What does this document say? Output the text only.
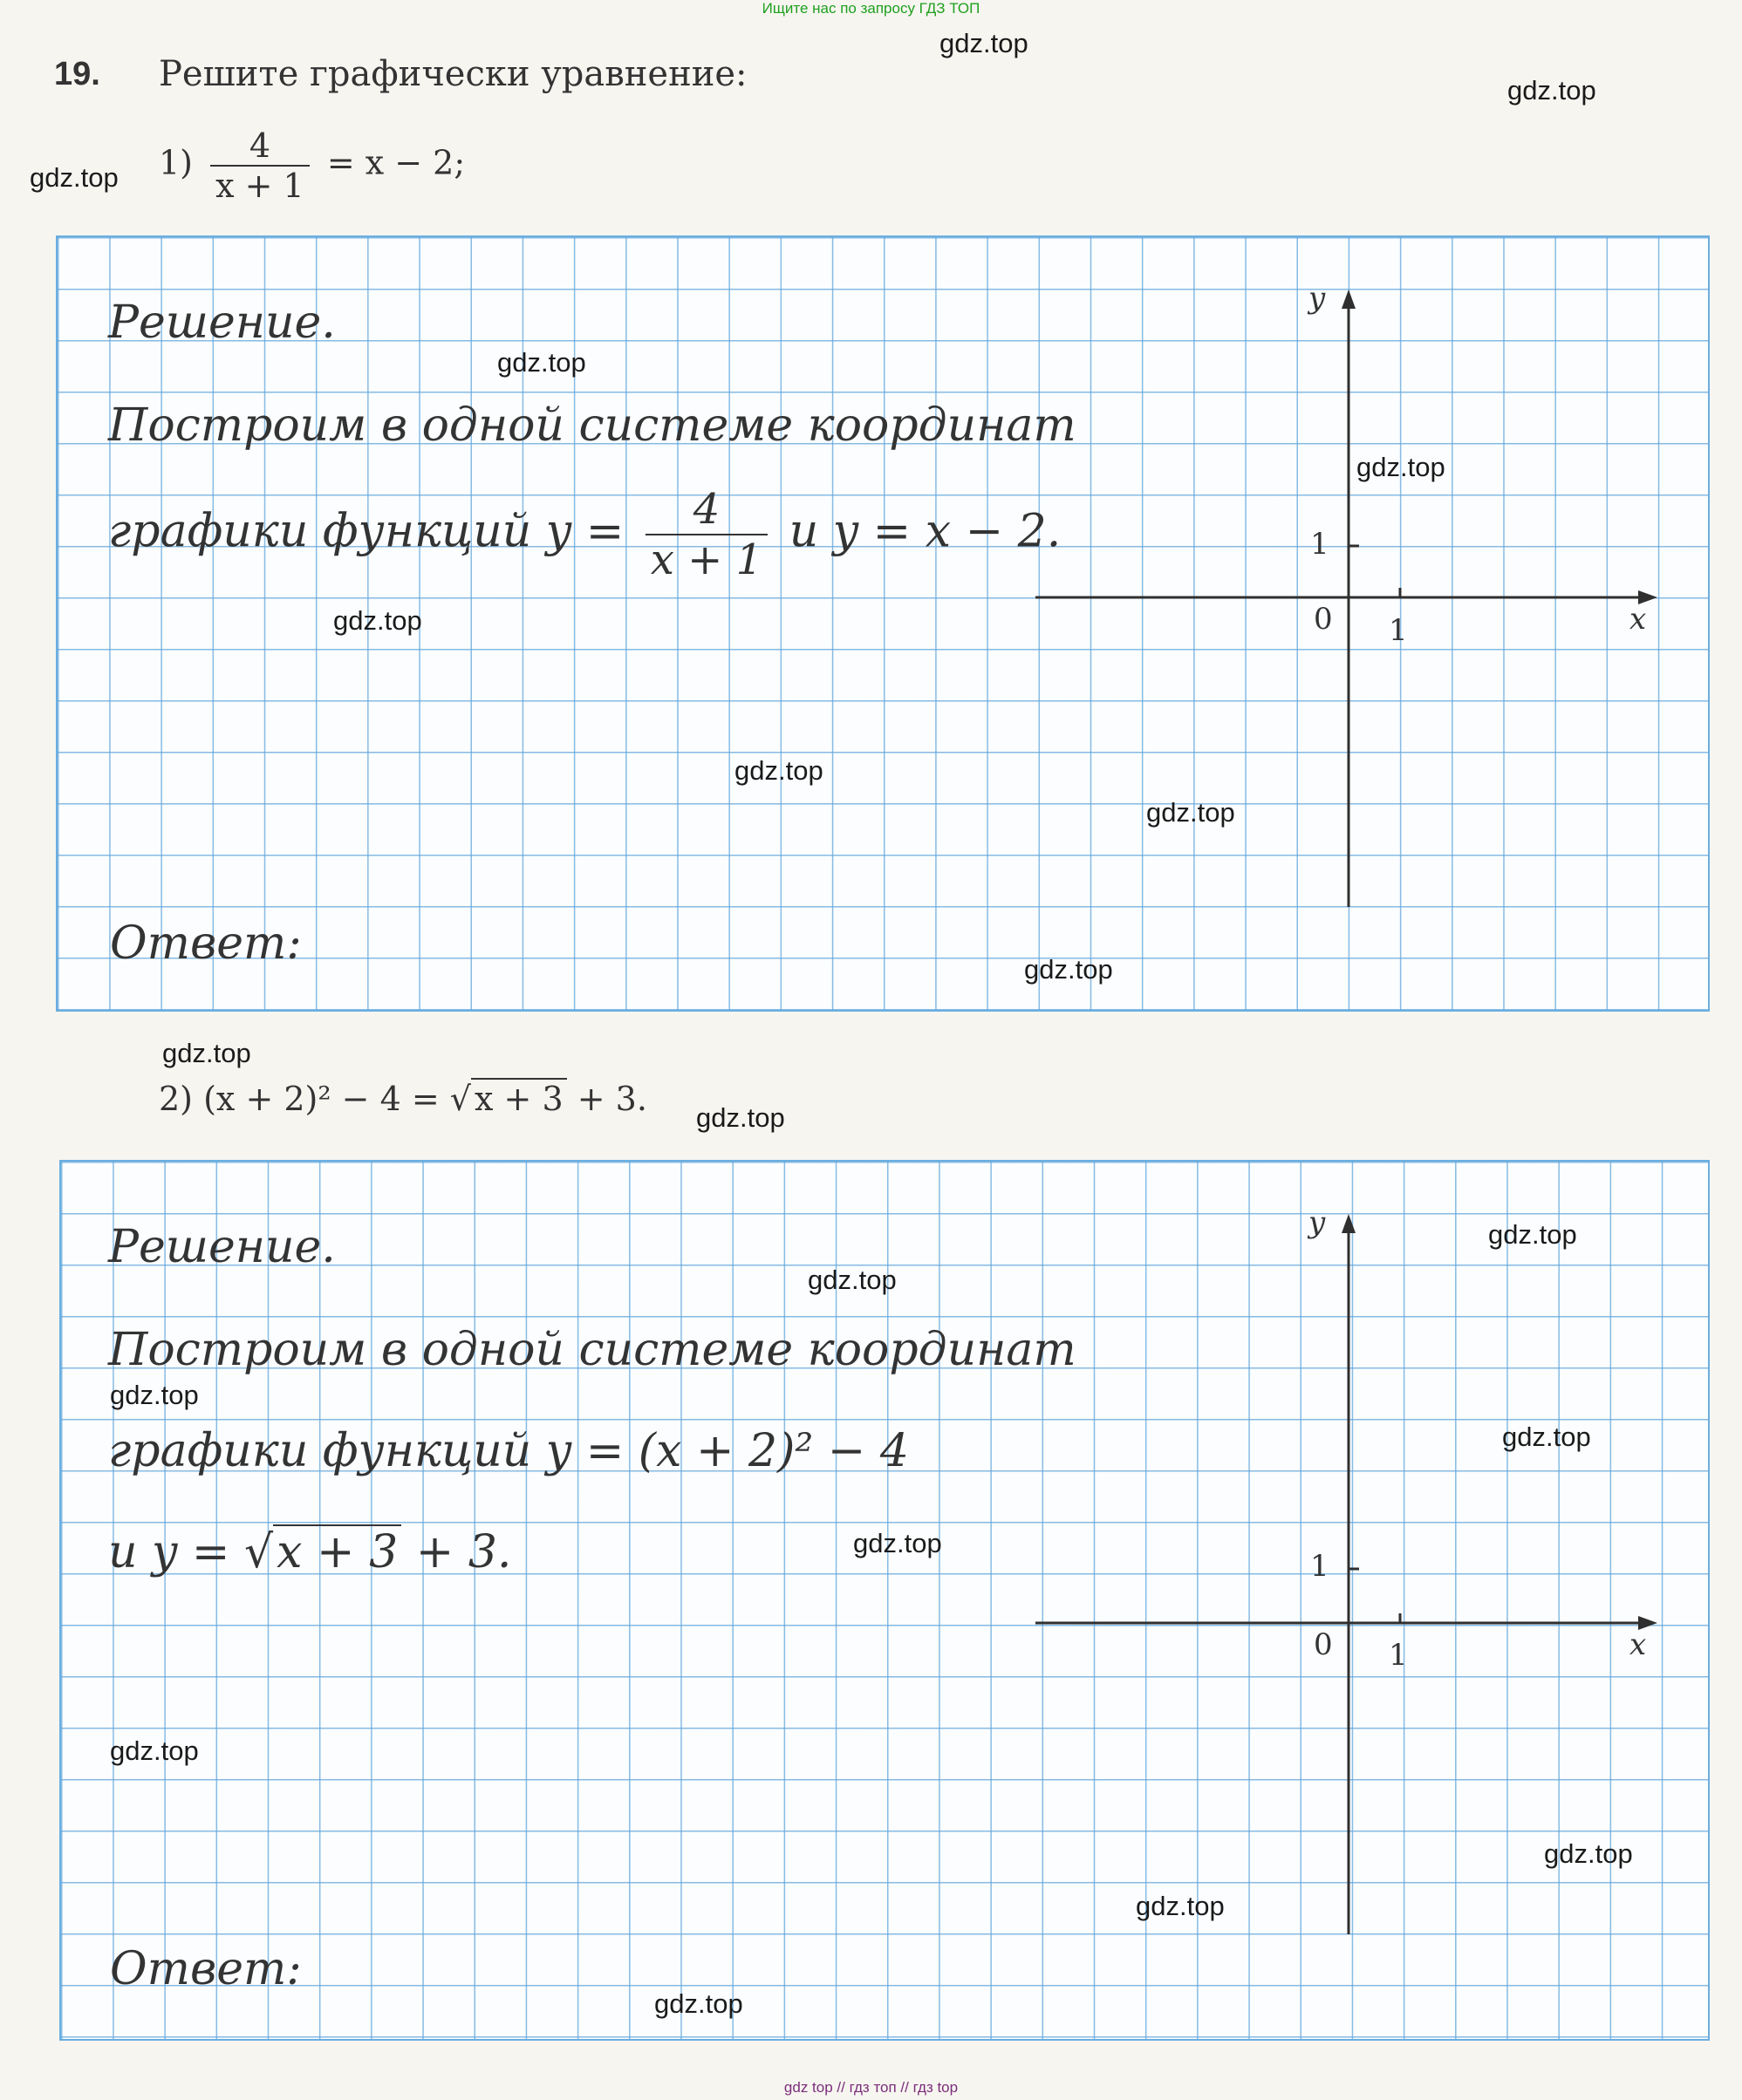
Ищите нас по запросу ГДЗ ТОП
19. Решите графически уравнение:
$1) \frac{4}{x + 1} = x - 2$;
Решение.
Построим в одной системе координат
графики функций $y = \frac{4}{x + 1}$ и y = x − 2.
Ответ:
y
x
0 1
1
2) (x + 2)² − 4 = √ x + 3 + 3.
Решение.
Построим в одной системе координат
графики функций y = (x + 2)² − 4
и y = √x + 3 + 3.
Ответ:
y
x
0 1
1
gdz.top
gdz.top
gdz.top
gdz.top
gdz.top
gdz.top
gdz.top
gdz.top
gdz.top
gdz.top
gdz.top
gdz.top
gdz.top
gdz.top
gdz.top
gdz.top
gdz.top
gdz.top
gdz.top
gdz.top
gdz top // гдз топ // гдз top
